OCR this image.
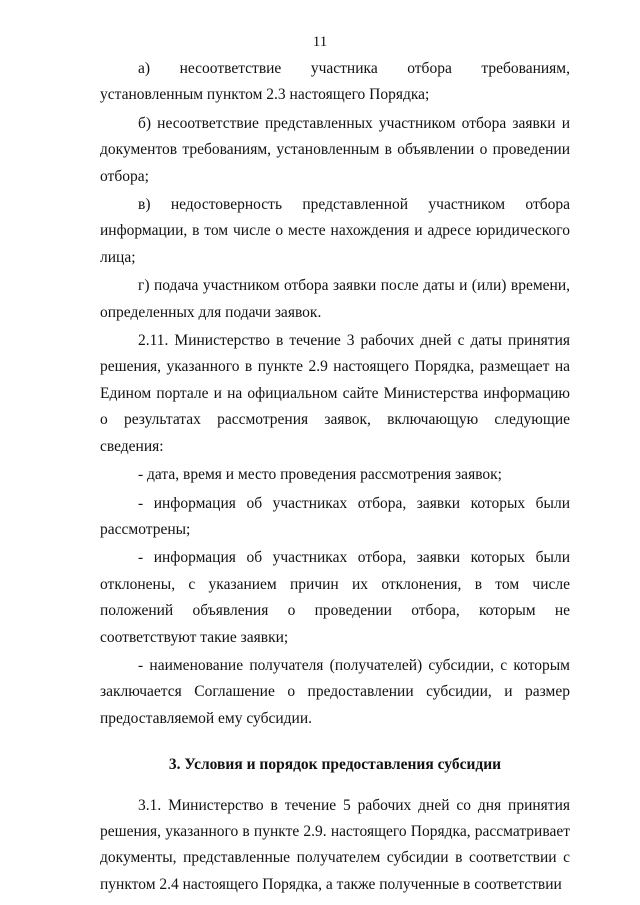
11

а) несоответствие участника отбора требованиям, установленным пунктом 2.3 настоящего Порядка;

б) несоответствие представленных участником отбора заявки и документов требованиям, установленным в объявлении о проведении отбора;

в) недостоверность представленной участником отбора информации, в том числе о месте нахождения и адресе юридического лица;

г) подача участником отбора заявки после даты и (или) времени, определенных для подачи заявок.

2.11. Министерство в течение 3 рабочих дней с даты принятия решения, указанного в пункте 2.9 настоящего Порядка, размещает на Едином портале и на официальном сайте Министерства информацию о результатах рассмотрения заявок, включающую следующие сведения:

- дата, время и место проведения рассмотрения заявок;

- информация об участниках отбора, заявки которых были рассмотрены;

- информация об участниках отбора, заявки которых были отклонены, с указанием причин их отклонения, в том числе положений объявления о проведении отбора, которым не соответствуют такие заявки;

- наименование получателя (получателей) субсидии, с которым заключается Соглашение о предоставлении субсидии, и размер предоставляемой ему субсидии.

3. Условия и порядок предоставления субсидии

3.1. Министерство в течение 5 рабочих дней со дня принятия решения, указанного в пункте 2.9. настоящего Порядка, рассматривает документы, представленные получателем субсидии в соответствии с пунктом 2.4 настоящего Порядка, а также полученные в соответствии
